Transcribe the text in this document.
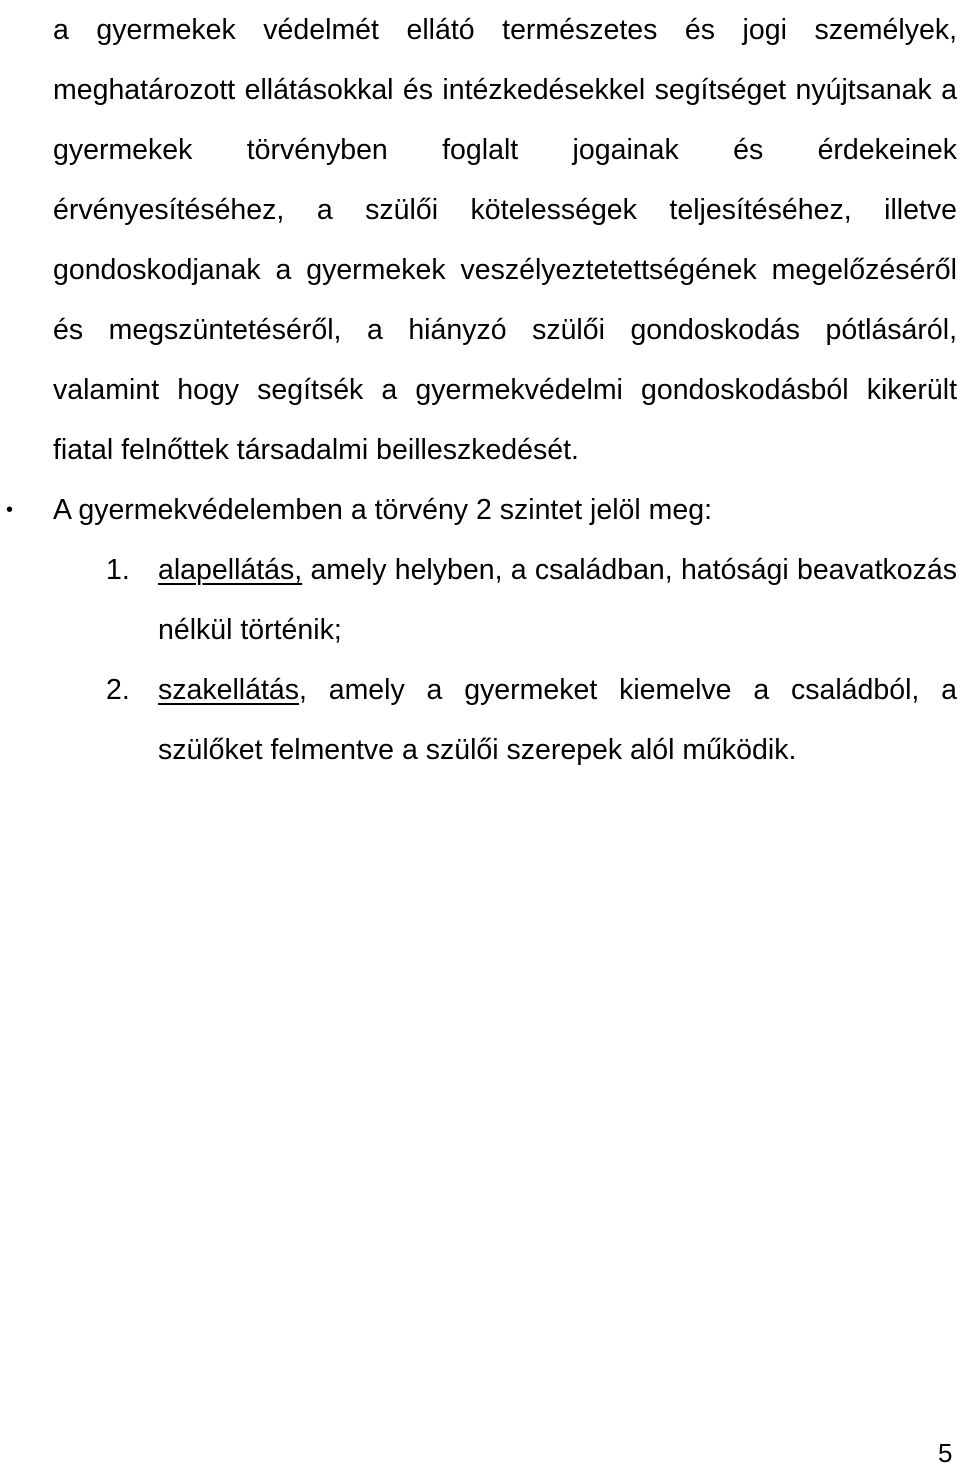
a gyermekek védelmét ellátó természetes és jogi személyek, meghatározott ellátásokkal és intézkedésekkel segítséget nyújtsanak a gyermekek törvényben foglalt jogainak és érdekeinek érvényesítéséhez, a szülői kötelességek teljesítéséhez, illetve gondoskodjanak a gyermekek veszélyeztetettségének megelőzéséről és megszüntetéséről, a hiányzó szülői gondoskodás pótlásáról, valamint hogy segítsék a gyermekvédelmi gondoskodásból kikerült fiatal felnőttek társadalmi beilleszkedését.

• A gyermekvédelemben a törvény 2 szintet jelöl meg:

1. alapellátás, amely helyben, a családban, hatósági beavatkozás nélkül történik;
2. szakellátás, amely a gyermeket kiemelve a családból, a szülőket felmentve a szülői szerepek alól működik.
5
